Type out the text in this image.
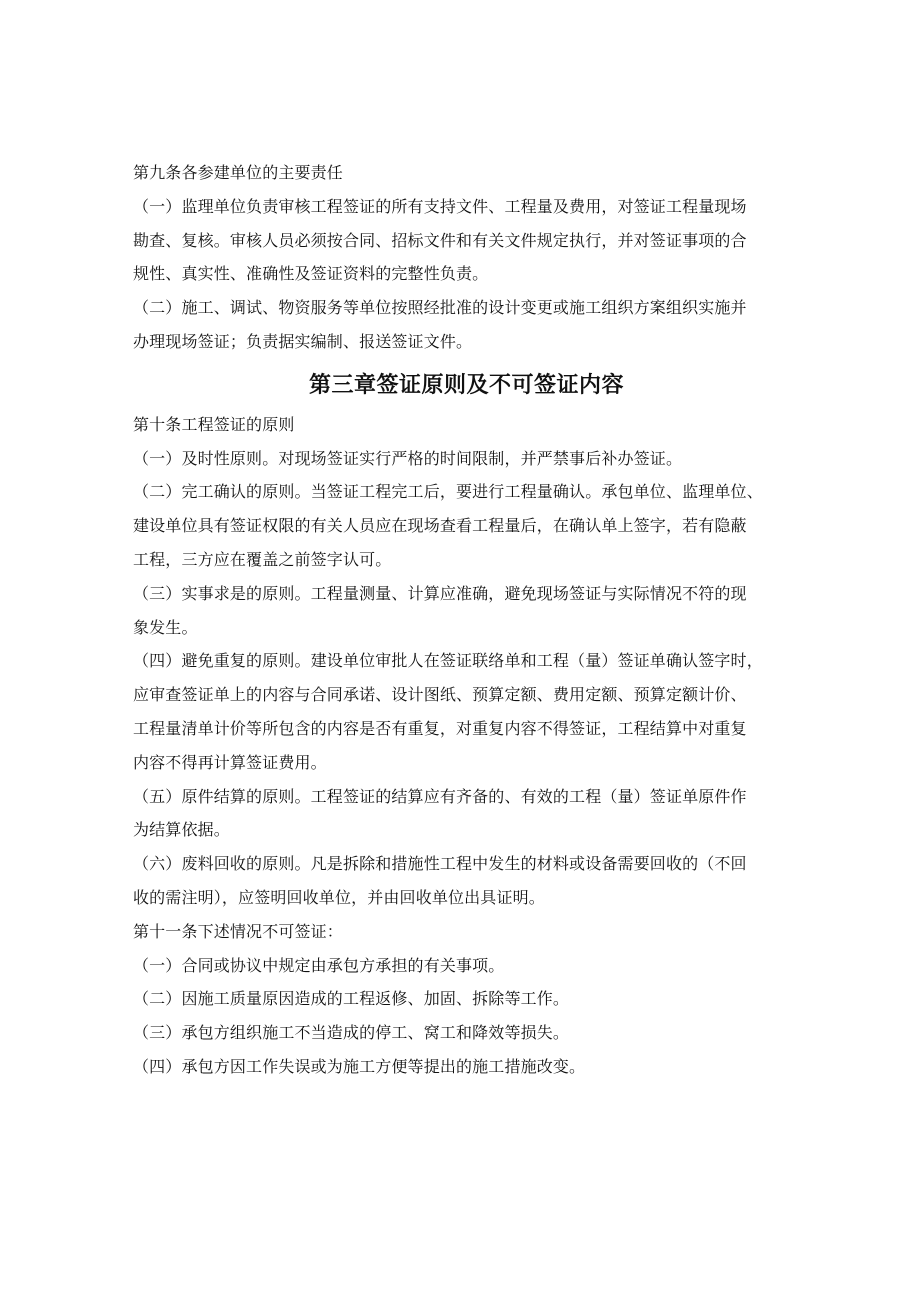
第九条各参建单位的主要责任

（一）监理单位负责审核工程签证的所有支持文件、工程量及费用，对签证工程量现场

勘查、复核。审核人员必须按合同、招标文件和有关文件规定执行，并对签证事项的合

规性、真实性、准确性及签证资料的完整性负责。

（二）施工、调试、物资服务等单位按照经批准的设计变更或施工组织方案组织实施并

办理现场签证；负责据实编制、报送签证文件。

第三章签证原则及不可签证内容

第十条工程签证的原则

（一）及时性原则。对现场签证实行严格的时间限制，并严禁事后补办签证。

（二）完工确认的原则。当签证工程完工后，要进行工程量确认。承包单位、监理单位、

建设单位具有签证权限的有关人员应在现场查看工程量后，在确认单上签字，若有隐蔽

工程，三方应在覆盖之前签字认可。

（三）实事求是的原则。工程量测量、计算应准确，避免现场签证与实际情况不符的现

象发生。

（四）避免重复的原则。建设单位审批人在签证联络单和工程（量）签证单确认签字时，

应审查签证单上的内容与合同承诺、设计图纸、预算定额、费用定额、预算定额计价、

工程量清单计价等所包含的内容是否有重复，对重复内容不得签证，工程结算中对重复

内容不得再计算签证费用。

（五）原件结算的原则。工程签证的结算应有齐备的、有效的工程（量）签证单原件作

为结算依据。

（六）废料回收的原则。凡是拆除和措施性工程中发生的材料或设备需要回收的（不回

收的需注明），应签明回收单位，并由回收单位出具证明。

第十一条下述情况不可签证：

（一）合同或协议中规定由承包方承担的有关事项。

（二）因施工质量原因造成的工程返修、加固、拆除等工作。

（三）承包方组织施工不当造成的停工、窝工和降效等损失。

（四）承包方因工作失误或为施工方便等提出的施工措施改变。
